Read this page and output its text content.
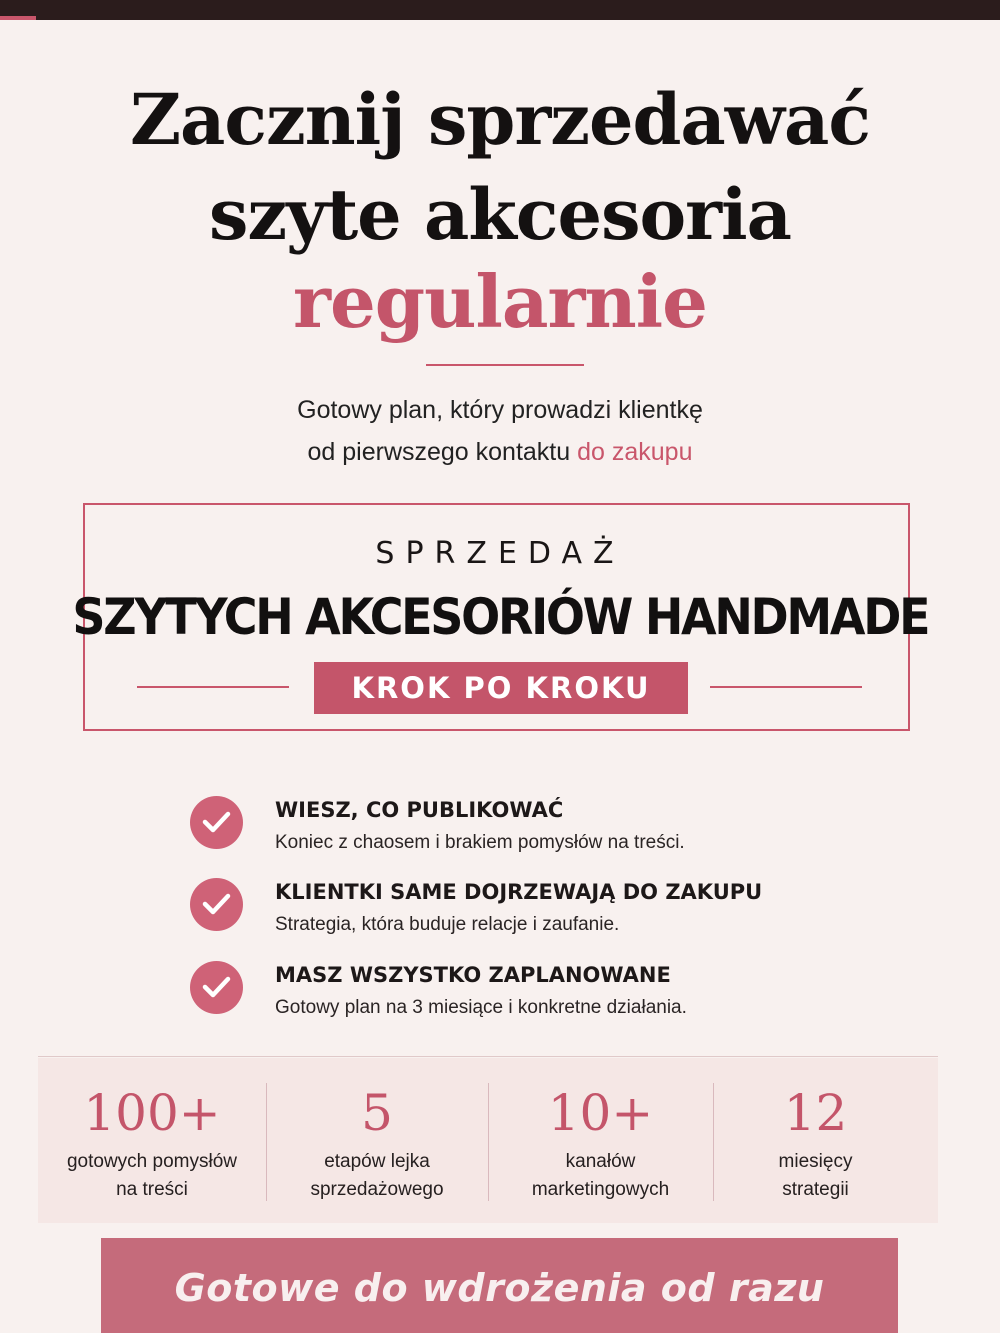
Zacznij sprzedawać
szyte akcesoria
regularnie
Gotowy plan, który prowadzi klientkę
od pierwszego kontaktu do zakupu
SPRZEDAŻ
SZYTYCH AKCESORIÓW HANDMADE
KROK PO KROKU
WIESZ, CO PUBLIKOWAĆ
Koniec z chaosem i brakiem pomysłów na treści.
KLIENTKI SAME DOJRZEWAJĄ DO ZAKUPU
Strategia, która buduje relacje i zaufanie.
MASZ WSZYSTKO ZAPLANOWANE
Gotowy plan na 3 miesiące i konkretne działania.
100+
gotowych pomysłów
na treści
5
etapów lejka
sprzedażowego
10+
kanałów
marketingowych
12
miesięcy
strategii
Gotowe do wdrożenia od razu
